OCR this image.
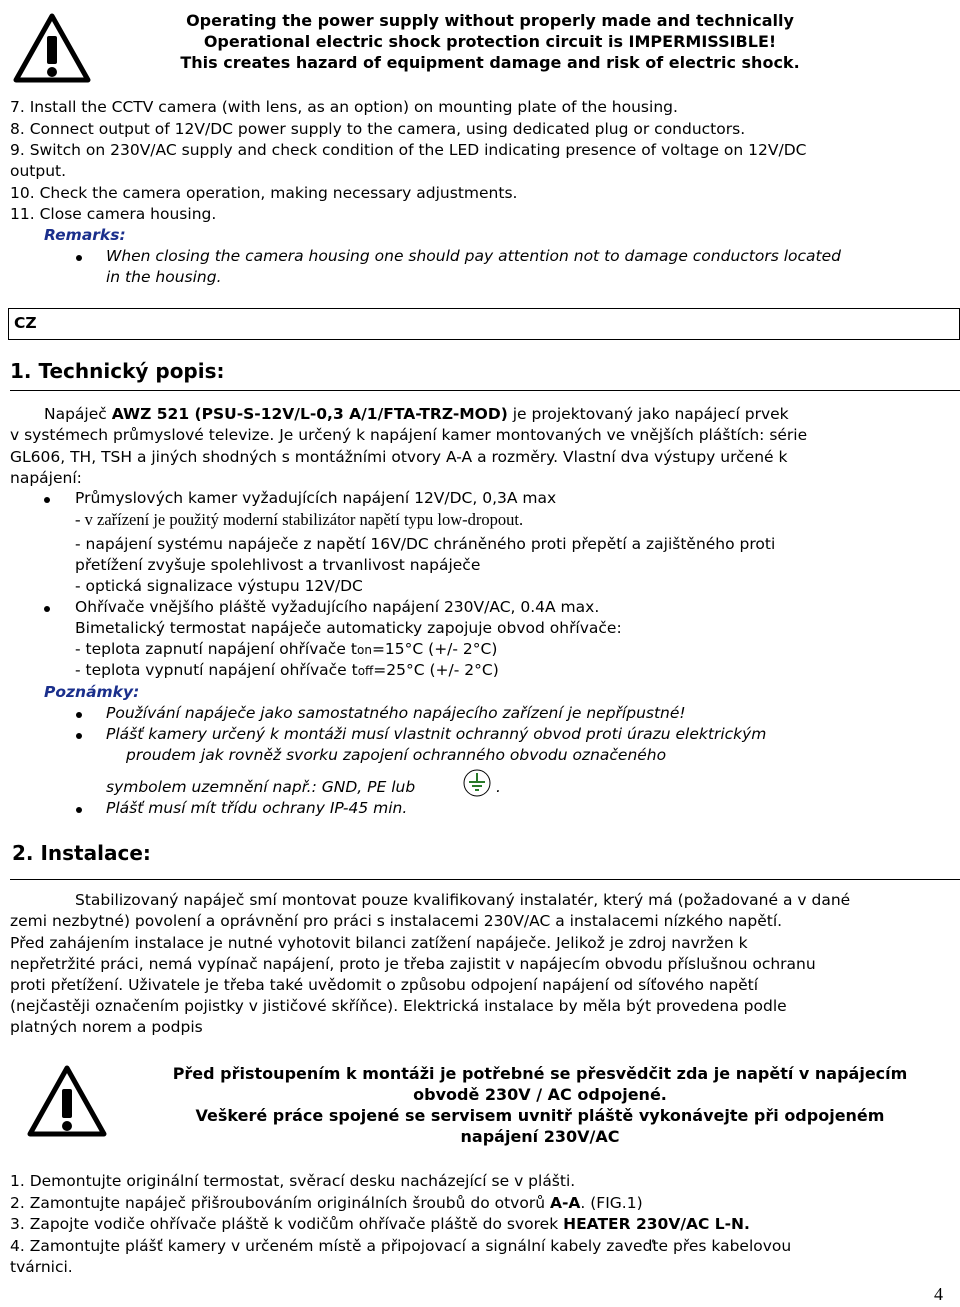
Operating the power supply without properly made and technically
Operational electric shock protection circuit is IMPERMISSIBLE!
This creates hazard of equipment damage and risk of electric shock.
7. Install the CCTV camera (with lens, as an option) on mounting plate of the housing.
8. Connect output of 12V/DC power supply to the camera, using dedicated plug or conductors.
9. Switch on 230V/AC supply and check condition of the LED indicating presence of voltage on 12V/DC
output.
10. Check the camera operation, making necessary adjustments.
11. Close camera housing.
Remarks:
When closing the camera housing one should pay attention not to damage conductors located
in the housing.
CZ
1. Technický popis:
Napáječ AWZ 521 (PSU-S-12V/L-0,3 A/1/FTA-TRZ-MOD) je projektovaný jako napájecí prvek
v systémech průmyslové televize. Je určený k napájení kamer montovaných ve vnějších pláštích: série
GL606, TH, TSH a jiných shodných s montážními otvory A-A a rozměry. Vlastní dva výstupy určené k
napájení:
Průmyslových kamer vyžadujících napájení 12V/DC, 0,3A max
- v zařízení je použitý moderní stabilizátor napětí typu low-dropout.
- napájení systému napáječe z napětí 16V/DC chráněného proti přepětí a zajištěného proti
přetížení zvyšuje spolehlivost a trvanlivost napáječe
- optická signalizace výstupu 12V/DC
Ohřívače vnějšího pláště vyžadujícího napájení 230V/AC, 0.4A max.
Bimetalický termostat napáječe automaticky zapojuje obvod ohřívače:
- teplota zapnutí napájení ohřívače ton=15°C (+/- 2°C)
- teplota vypnutí napájení ohřívače toff=25°C (+/- 2°C)
Poznámky:
Používání napáječe jako samostatného napájecího zařízení je nepřípustné!
Plášť kamery určený k montáži musí vlastnit ochranný obvod proti úrazu elektrickým
proudem jak rovněž svorku zapojení ochranného obvodu označeného
symbolem uzemnění např.: GND, PE lub	.
Plášť musí mít třídu ochrany IP-45 min.
2. Instalace:
Stabilizovaný napáječ smí montovat pouze kvalifikovaný instalatér, který má (požadované a v dané
zemi nezbytné) povolení a oprávnění pro práci s instalacemi 230V/AC a instalacemi nízkého napětí.
Před zahájením instalace je nutné vyhotovit bilanci zatížení napáječe. Jelikož je zdroj navržen k
nepřetržité práci, nemá vypínač napájení, proto je třeba zajistit v napájecím obvodu příslušnou ochranu
proti přetížení. Uživatele je třeba také uvědomit o způsobu odpojení napájení od síťového napětí
(nejčastěji označením pojistky v jističové skříňce). Elektrická instalace by měla být provedena podle
platných norem a podpis
Před přistoupením k montáži je potřebné se přesvědčit zda je napětí v napájecím
obvodě 230V / AC odpojené.
Veškeré práce spojené se servisem uvnitř pláště vykonávejte při odpojeném
napájení 230V/AC
1. Demontujte originální termostat, svěrací desku nacházející se v plášti.
2. Zamontujte napáječ přišroubováním originálních šroubů do otvorů A-A. (FIG.1)
3. Zapojte vodiče ohřívače pláště k vodičům ohřívače pláště do svorek HEATER 230V/AC L-N.
4. Zamontujte plášť kamery v určeném místě a připojovací a signální kabely zaveďte přes kabelovou
tvárnici.
4
